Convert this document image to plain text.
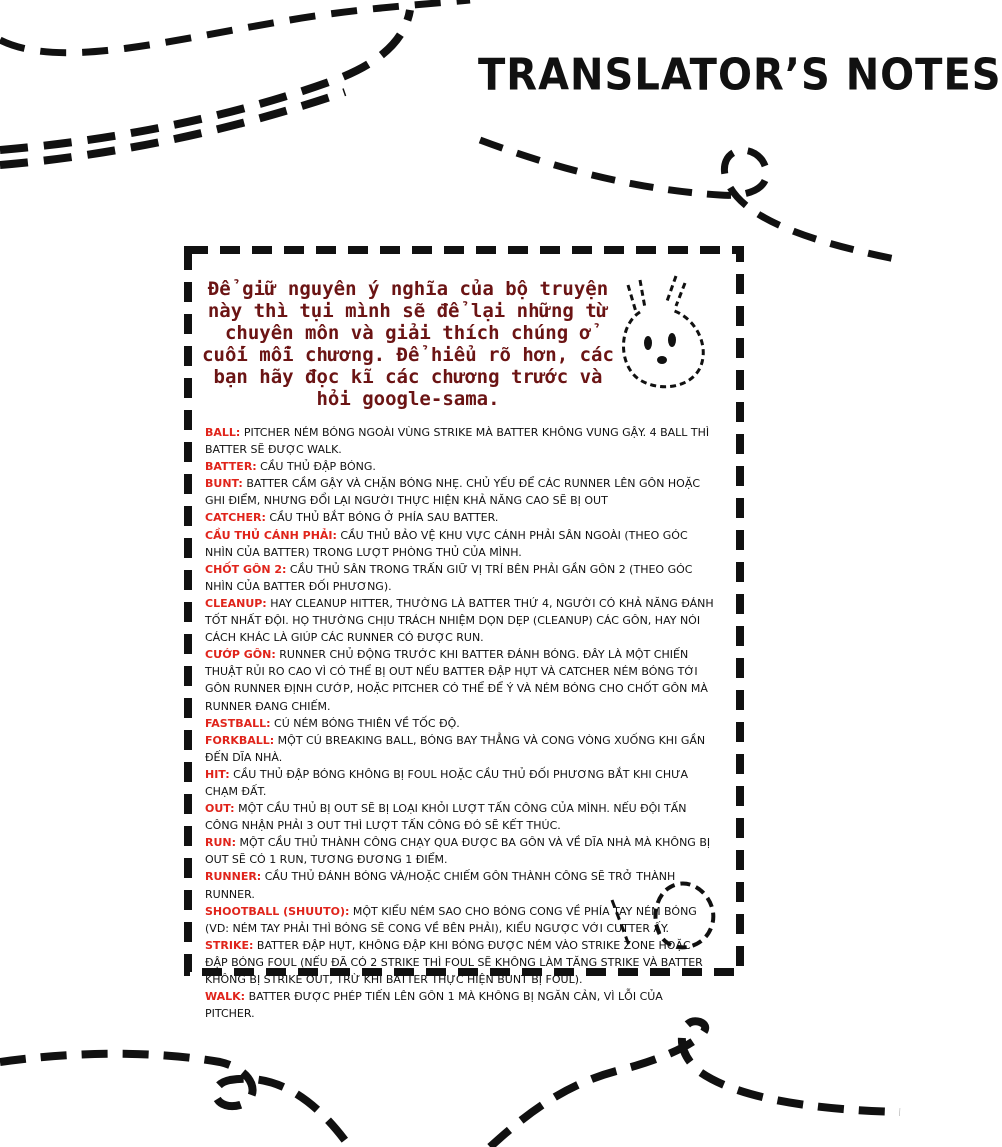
TRANSLATOR’S NOTES
Để giữ nguyên ý nghĩa của bộ truyện này thì tụi mình sẽ để lại những từ chuyên môn và giải thích chúng ở cuối mỗi chương. Để hiểu rõ hơn, các bạn hãy đọc kĩ các chương trước và hỏi google-sama.

BALL: PITCHER NÉM BÓNG NGOÀI VÙNG STRIKE MÀ BATTER KHÔNG VUNG GẬY. 4 BALL THÌ BATTER SẼ ĐƯỢC WALK.

BATTER: CẦU THỦ ĐẬP BÓNG.

BUNT: BATTER CẦM GẬY VÀ CHẶN BÓNG NHẸ. CHỦ YẾU ĐỂ CÁC RUNNER LÊN GÔN HOẶC GHI ĐIỂM, NHƯNG ĐỔI LẠI NGƯỜI THỰC HIỆN KHẢ NĂNG CAO SẼ BỊ OUT

CATCHER: CẦU THỦ BẮT BÓNG Ở PHÍA SAU BATTER.

CẦU THỦ CÁNH PHẢI: CẦU THỦ BẢO VỆ KHU VỰC CÁNH PHẢI SÂN NGOÀI (THEO GÓC NHÌN CỦA BATTER) TRONG LƯỢT PHÒNG THỦ CỦA MÌNH.

CHỐT GÔN 2: CẦU THỦ SÂN TRONG TRẤN GIỮ VỊ TRÍ BÊN PHẢI GẦN GÔN 2 (THEO GÓC NHÌN CỦA BATTER ĐỐI PHƯƠNG).

CLEANUP: HAY CLEANUP HITTER, THƯỜNG LÀ BATTER THỨ 4, NGƯỜI CÓ KHẢ NĂNG ĐÁNH TỐT NHẤT ĐỘI. HỌ THƯỜNG CHỊU TRÁCH NHIỆM DỌN DẸP (CLEANUP) CÁC GÔN, HAY NÓI CÁCH KHÁC LÀ GIÚP CÁC RUNNER CÓ ĐƯỢC RUN.

CƯỚP GÔN: RUNNER CHỦ ĐỘNG TRƯỚC KHI BATTER ĐÁNH BÓNG. ĐÂY LÀ MỘT CHIẾN THUẬT RỦI RO CAO VÌ CÓ THỂ BỊ OUT NẾU BATTER ĐẬP HỤT VÀ CATCHER NÉM BÓNG TỚI GÔN RUNNER ĐỊNH CƯỚP, HOẶC PITCHER CÓ THỂ ĐỂ Ý VÀ NÉM BÓNG CHO CHỐT GÔN MÀ RUNNER ĐANG CHIẾM.

FASTBALL: CÚ NÉM BÓNG THIÊN VỀ TỐC ĐỘ.

FORKBALL: MỘT CÚ BREAKING BALL, BÓNG BAY THẲNG VÀ CONG VÒNG XUỐNG KHI GẦN ĐẾN DĨA NHÀ.

HIT: CẦU THỦ ĐẬP BÓNG KHÔNG BỊ FOUL HOẶC CẦU THỦ ĐỐI PHƯƠNG BẮT KHI CHƯA CHẠM ĐẤT.

OUT: MỘT CẦU THỦ BỊ OUT SẼ BỊ LOẠI KHỎI LƯỢT TẤN CÔNG CỦA MÌNH. NẾU ĐỘI TẤN CÔNG NHẬN PHẢI 3 OUT THÌ LƯỢT TẤN CÔNG ĐÓ SẼ KẾT THÚC.

RUN: MỘT CẦU THỦ THÀNH CÔNG CHẠY QUA ĐƯỢC BA GÔN VÀ VỀ DĨA NHÀ MÀ KHÔNG BỊ OUT SẼ CÓ 1 RUN, TƯƠNG ĐƯƠNG 1 ĐIỂM.

RUNNER: CẦU THỦ ĐÁNH BÓNG VÀ/HOẶC CHIẾM GÔN THÀNH CÔNG SẼ TRỞ THÀNH RUNNER.

SHOOTBALL (SHUUTO): MỘT KIỂU NÉM SAO CHO BÓNG CONG VỀ PHÍA TAY NÉM BÓNG (VD: NÉM TAY PHẢI THÌ BÓNG SẼ CONG VỀ BÊN PHẢI), KIỂU NGƯỢC VỚI CUTTER ẤY.

STRIKE: BATTER ĐẬP HỤT, KHÔNG ĐẬP KHI BÓNG ĐƯỢC NÉM VÀO STRIKE ZONE HOẶC ĐẬP BÓNG FOUL (NẾU ĐÃ CÓ 2 STRIKE THÌ FOUL SẼ KHÔNG LÀM TĂNG STRIKE VÀ BATTER KHÔNG BỊ STRIKE OUT, TRỪ KHI BATTER THỰC HIỆN BUNT BỊ FOUL).

WALK: BATTER ĐƯỢC PHÉP TIẾN LÊN GÔN 1 MÀ KHÔNG BỊ NGĂN CẢN, VÌ LỖI CỦA PITCHER.
